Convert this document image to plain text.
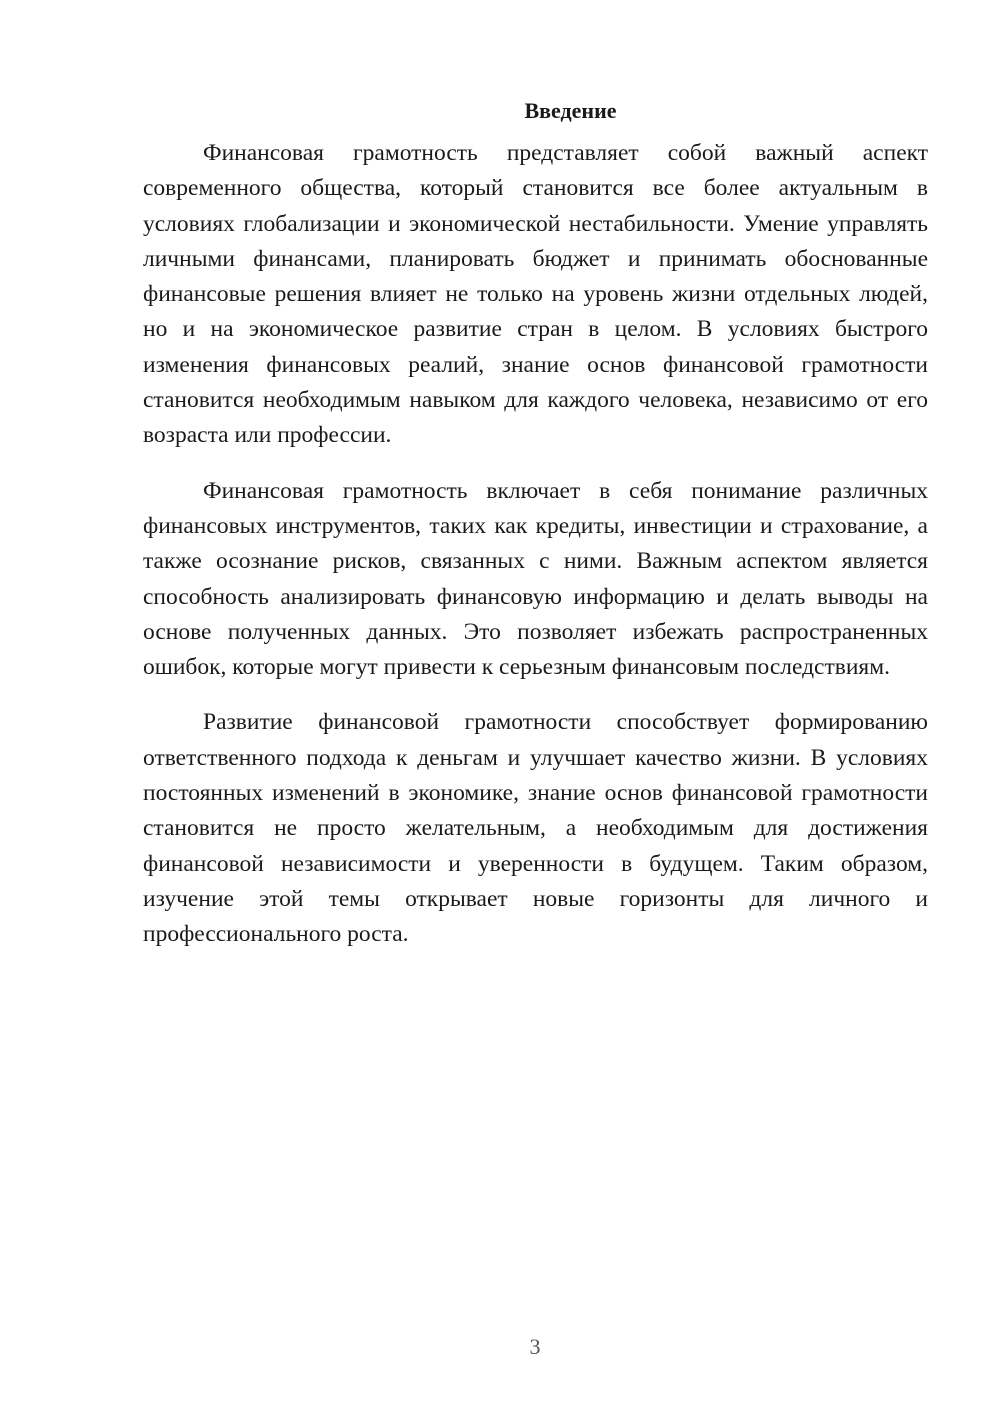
Введение

Финансовая грамотность представляет собой важный аспект современного общества, который становится все более актуальным в условиях глобализации и экономической нестабильности. Умение управлять личными финансами, планировать бюджет и принимать обоснованные финансовые решения влияет не только на уровень жизни отдельных людей, но и на экономическое развитие стран в целом. В условиях быстрого изменения финансовых реалий, знание основ финансовой грамотности становится необходимым навыком для каждого человека, независимо от его возраста или профессии.

Финансовая грамотность включает в себя понимание различных финансовых инструментов, таких как кредиты, инвестиции и страхование, а также осознание рисков, связанных с ними. Важным аспектом является способность анализировать финансовую информацию и делать выводы на основе полученных данных. Это позволяет избежать распространенных ошибок, которые могут привести к серьезным финансовым последствиям.

Развитие финансовой грамотности способствует формированию ответственного подхода к деньгам и улучшает качество жизни. В условиях постоянных изменений в экономике, знание основ финансовой грамотности становится не просто желательным, а необходимым для достижения финансовой независимости и уверенности в будущем. Таким образом, изучение этой темы открывает новые горизонты для личного и профессионального роста.

3
